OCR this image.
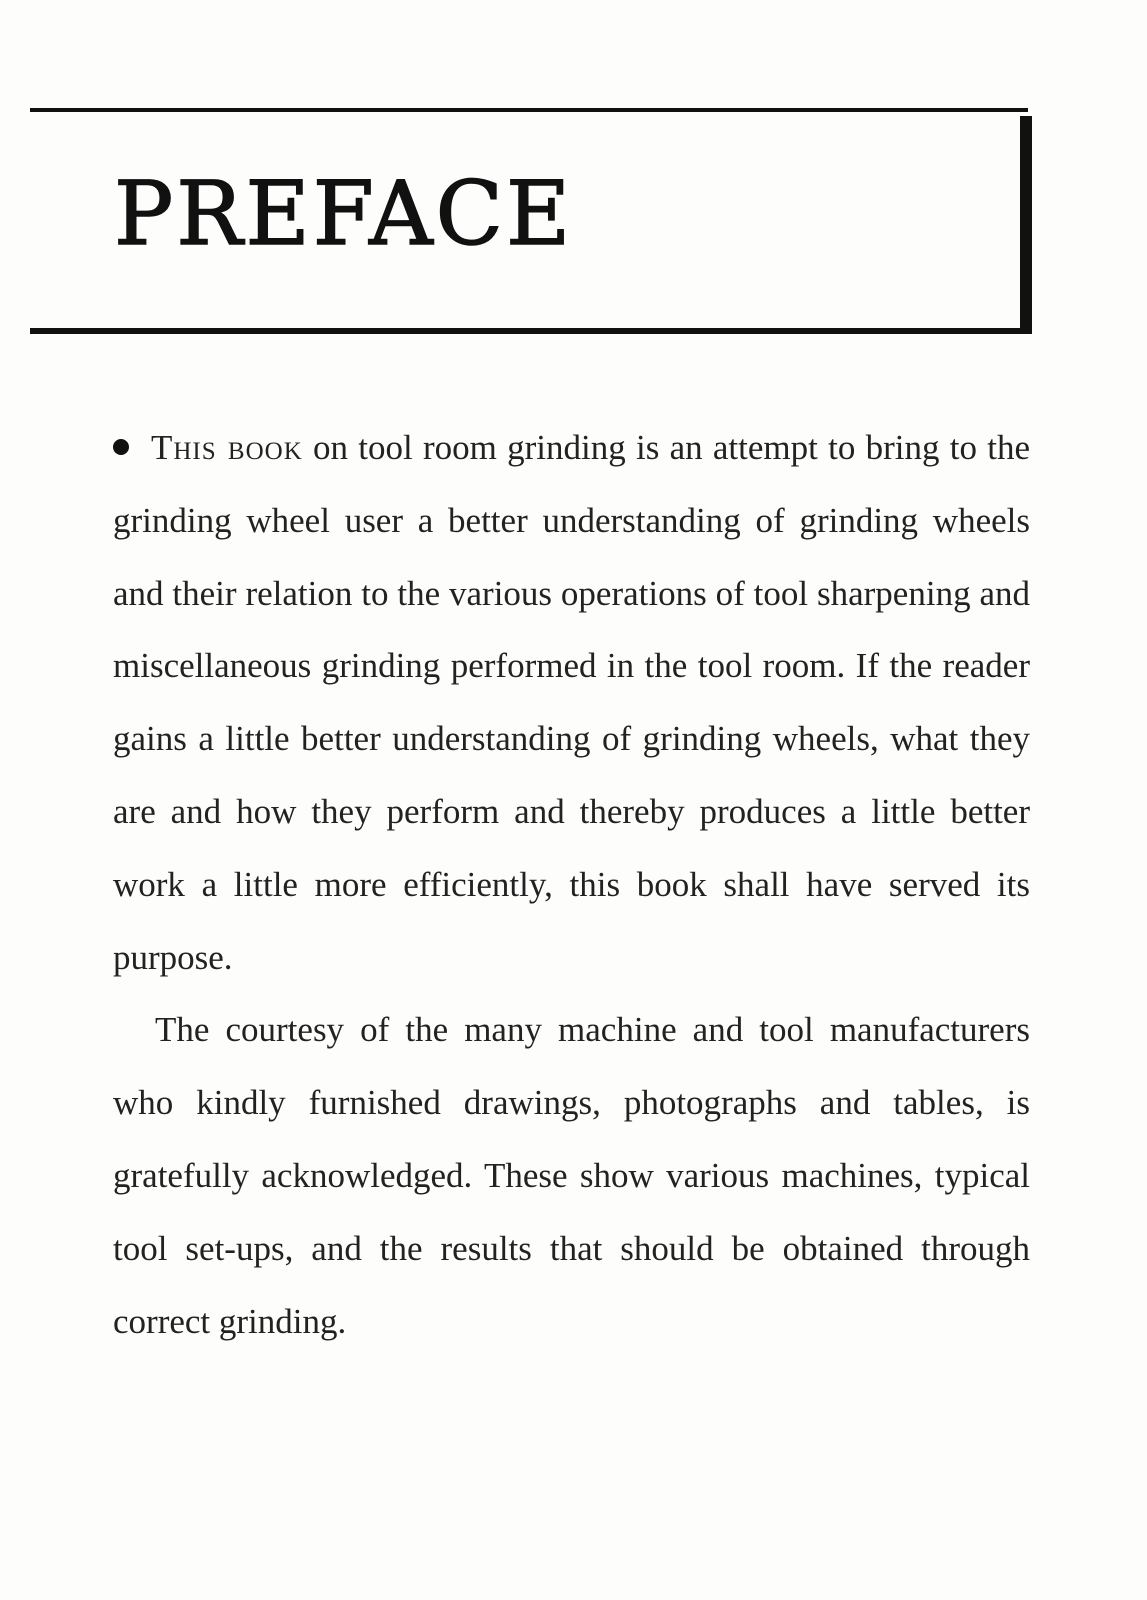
PREFACE

This book on tool room grinding is an attempt to bring to the grinding wheel user a better understanding of grinding wheels and their relation to the various operations of tool sharpening and miscellaneous grinding performed in the tool room. If the reader gains a little better understanding of grinding wheels, what they are and how they perform and thereby produces a little better work a little more efficiently, this book shall have served its purpose.

The courtesy of the many machine and tool manufacturers who kindly furnished drawings, photographs and tables, is gratefully acknowledged. These show various machines, typical tool set-ups, and the results that should be obtained through correct grinding.
